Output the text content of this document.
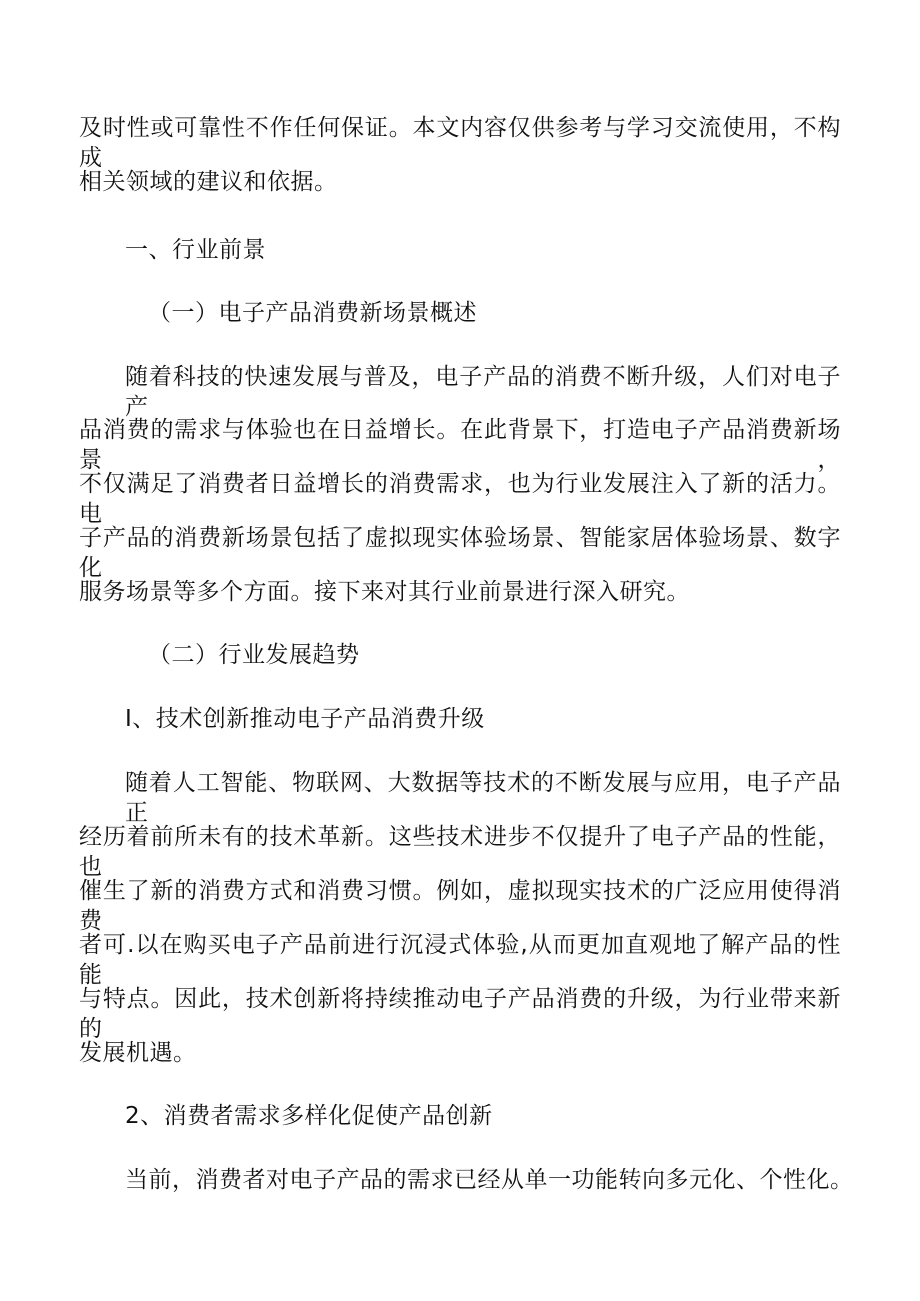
及时性或可靠性不作任何保证。本文内容仅供参考与学习交流使用，不构成
相关领域的建议和依据。
一、行业前景
（一）电子产品消费新场景概述
随着科技的快速发展与普及，电子产品的消费不断升级，人们对电子产
品消费的需求与体验也在日益增长。在此背景下，打造电子产品消费新场景，
不仅满足了消费者日益增长的消费需求，也为行业发展注入了新的活力。电
子产品的消费新场景包括了虚拟现实体验场景、智能家居体验场景、数字化
服务场景等多个方面。接下来对其行业前景进行深入研究。
（二）行业发展趋势
I、技术创新推动电子产品消费升级
随着人工智能、物联网、大数据等技术的不断发展与应用，电子产品正
经历着前所未有的技术革新。这些技术进步不仅提升了电子产品的性能，也
催生了新的消费方式和消费习惯。例如，虚拟现实技术的广泛应用使得消费
者可.以在购买电子产品前进行沉浸式体验,从而更加直观地了解产品的性能
与特点。因此，技术创新将持续推动电子产品消费的升级，为行业带来新的
发展机遇。
2、消费者需求多样化促使产品创新
当前，消费者对电子产品的需求已经从单一功能转向多元化、个性化。
